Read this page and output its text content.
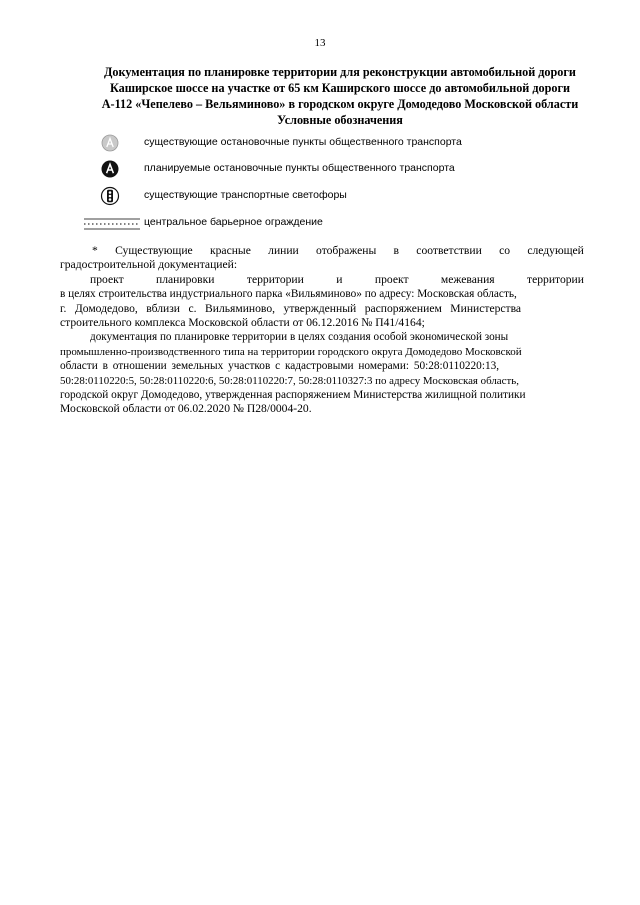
13
Документация по планировке территории для реконструкции автомобильной дороги
Каширское шоссе на участке от 65 км Каширского шоссе до автомобильной дороги
А-112 «Чепелево – Вельяминово» в городском округе Домодедово Московской области
Условные обозначения
существующие остановочные пункты общественного транспорта
планируемые остановочные пункты общественного транспорта
существующие транспортные светофоры
центральное барьерное ограждение
* Существующие красные линии отображены в соответствии со следующей
градостроительной документацией:
проект	планировки	территории	и	проект	межевания	территории
в целях строительства индустриального парка «Вильяминово» по адресу: Московская область,
г. Домодедово, вблизи с. Вильяминово, утвержденный распоряжением Министерства
строительного комплекса Московской области от 06.12.2016 № П41/4164;
документация по планировке территории в целях создания особой экономической зоны
промышленно-производственного типа на территории городского округа Домодедово Московской
области в отношении земельных участков с кадастровыми номерами: 50:28:0110220:13,
50:28:0110220:5, 50:28:0110220:6, 50:28:0110220:7, 50:28:0110327:3 по адресу Московская область,
городской округ Домодедово, утвержденная распоряжением Министерства жилищной политики
Московской области от 06.02.2020 № П28/0004-20.
